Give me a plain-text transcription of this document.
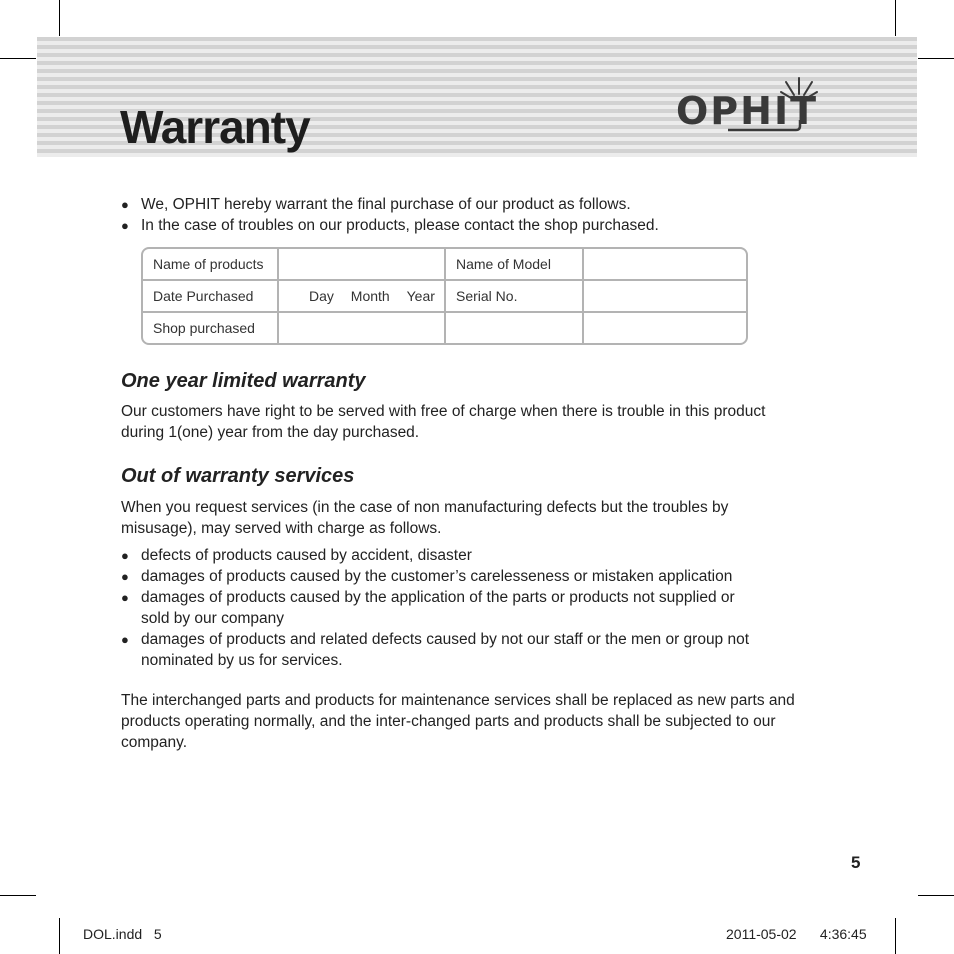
Warranty	OPHIT
● We, OPHIT hereby warrant the final purchase of our product as follows.
● In the case of troubles on our products, please contact the shop purchased.
Name of products		Name of Model	
Date Purchased	Day Month Year	Serial No.	
Shop purchased			
One year limited warranty
Our customers have right to be served with free of charge when there is trouble in this product
during 1(one) year from the day purchased.
Out of warranty services
When you request services (in the case of non manufacturing defects but the troubles by
misusage), may served with charge as follows.
● defects of products caused by accident, disaster
● damages of products caused by the customer’s carelesseness or mistaken application
● damages of products caused by the application of the parts or products not supplied or
sold by our company
● damages of products and related defects caused by not our staff or the men or group not
nominated by us for services.
The interchanged parts and products for maintenance services shall be replaced as new parts and
products operating normally, and the inter-changed parts and products shall be subjected to our
company.
5
DOL.indd   5	2011-05-02      4:36:45
